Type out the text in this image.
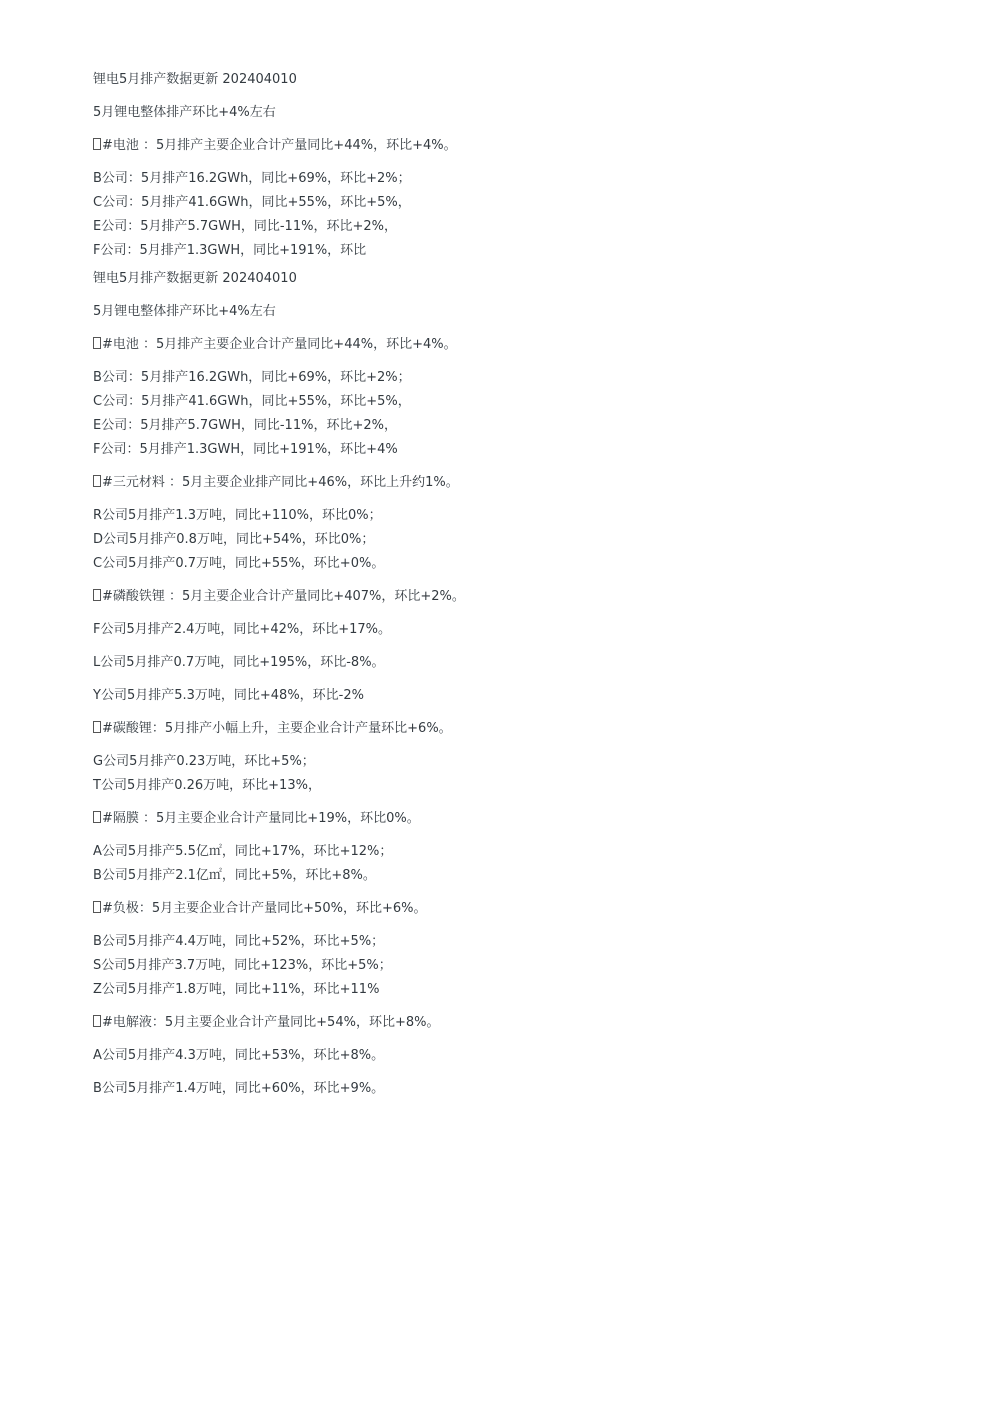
锂电5月排产数据更新 202404010
5月锂电整体排产环比+4%左右
#电池 ：5月排产主要企业合计产量同比+44%，环比+4%。
B公司：5月排产16.2GWh，同比+69%，环比+2%；
C公司：5月排产41.6GWh，同比+55%，环比+5%，
E公司：5月排产5.7GWH，同比-11%，环比+2%，
F公司：5月排产1.3GWH，同比+191%，环比
锂电5月排产数据更新 202404010
5月锂电整体排产环比+4%左右
#电池 ：5月排产主要企业合计产量同比+44%，环比+4%。
B公司：5月排产16.2GWh，同比+69%，环比+2%；
C公司：5月排产41.6GWh，同比+55%，环比+5%，
E公司：5月排产5.7GWH，同比-11%，环比+2%，
F公司：5月排产1.3GWH，同比+191%，环比+4%
#三元材料 ：5月主要企业排产同比+46%，环比上升约1%。
R公司5月排产1.3万吨，同比+110%，环比0%；
D公司5月排产0.8万吨，同比+54%，环比0%；
C公司5月排产0.7万吨，同比+55%，环比+0%。
#磷酸铁锂 ：5月主要企业合计产量同比+407%，环比+2%。
F公司5月排产2.4万吨，同比+42%，环比+17%。
L公司5月排产0.7万吨，同比+195%，环比-8%。
Y公司5月排产5.3万吨，同比+48%，环比-2%
#碳酸锂：5月排产小幅上升，主要企业合计产量环比+6%。
G公司5月排产0.23万吨，环比+5%；
T公司5月排产0.26万吨，环比+13%，
#隔膜 ：5月主要企业合计产量同比+19%，环比0%。
A公司5月排产5.5亿㎡，同比+17%，环比+12%；
B公司5月排产2.1亿㎡，同比+5%，环比+8%。
#负极：5月主要企业合计产量同比+50%，环比+6%。
B公司5月排产4.4万吨，同比+52%，环比+5%；
S公司5月排产3.7万吨，同比+123%，环比+5%；
Z公司5月排产1.8万吨，同比+11%，环比+11%
#电解液：5月主要企业合计产量同比+54%，环比+8%。
A公司5月排产4.3万吨，同比+53%，环比+8%。
B公司5月排产1.4万吨，同比+60%，环比+9%。
